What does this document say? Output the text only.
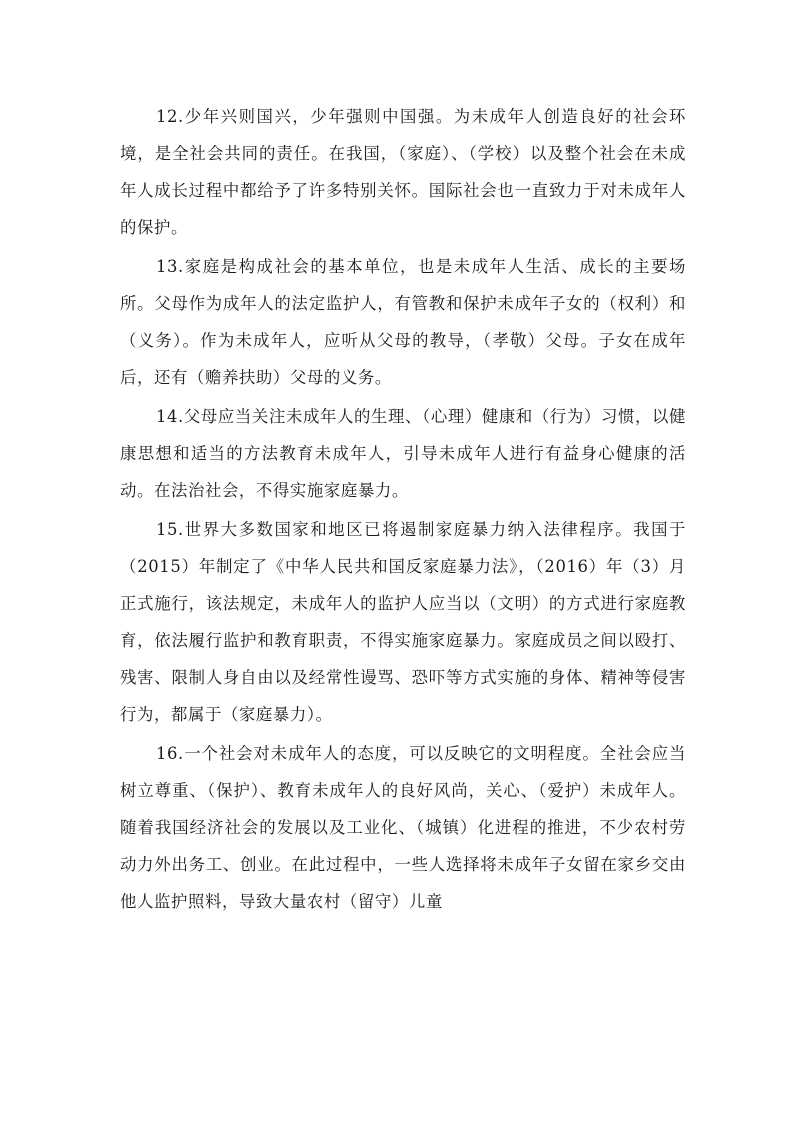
12.少年兴则国兴，少年强则中国强。为未成年人创造良好的社会环境，是全社会共同的责任。在我国，（家庭）、（学校）以及整个社会在未成年人成长过程中都给予了许多特别关怀。国际社会也一直致力于对未成年人的保护。

13.家庭是构成社会的基本单位，也是未成年人生活、成长的主要场所。父母作为成年人的法定监护人，有管教和保护未成年子女的（权利）和（义务）。作为未成年人，应听从父母的教导，（孝敬）父母。子女在成年后，还有（赡养扶助）父母的义务。

14.父母应当关注未成年人的生理、（心理）健康和（行为）习惯，以健康思想和适当的方法教育未成年人，引导未成年人进行有益身心健康的活动。在法治社会，不得实施家庭暴力。

15.世界大多数国家和地区已将遏制家庭暴力纳入法律程序。我国于（2015）年制定了《中华人民共和国反家庭暴力法》，（2016）年（3）月正式施行，该法规定，未成年人的监护人应当以（文明）的方式进行家庭教育，依法履行监护和教育职责，不得实施家庭暴力。家庭成员之间以殴打、残害、限制人身自由以及经常性谩骂、恐吓等方式实施的身体、精神等侵害行为，都属于（家庭暴力）。

16.一个社会对未成年人的态度，可以反映它的文明程度。全社会应当树立尊重、（保护）、教育未成年人的良好风尚，关心、（爱护）未成年人。随着我国经济社会的发展以及工业化、（城镇）化进程的推进，不少农村劳动力外出务工、创业。在此过程中，一些人选择将未成年子女留在家乡交由他人监护照料，导致大量农村（留守）儿童
